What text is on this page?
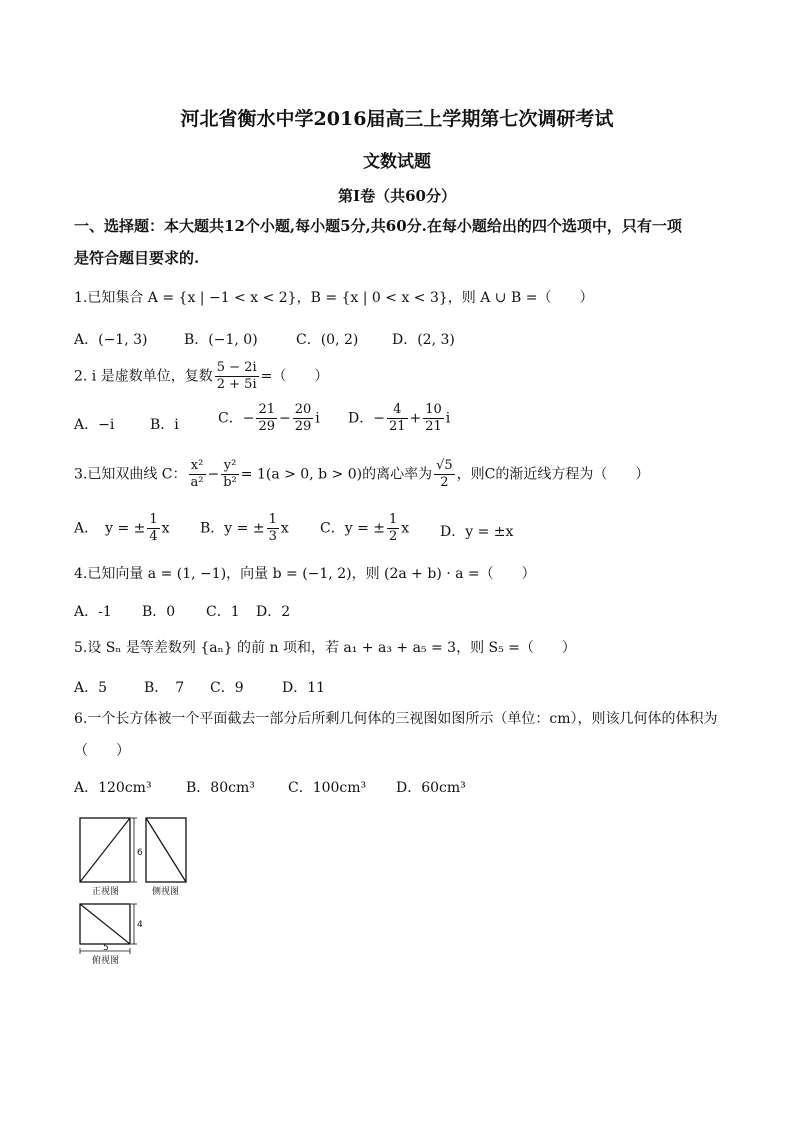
河北省衡水中学2016届高三上学期第七次调研考试
文数试题
第Ⅰ卷（共60分）
一、选择题：本大题共12个小题,每小题5分,共60分.在每小题给出的四个选项中，只有一项
是符合题目要求的.
1.已知集合 A = {x | −1 < x < 2}，B = {x | 0 < x < 3}，则 A ∪ B =（　　）
A．(−1, 3)	B．(−1, 0)	C．(0, 2) D．(2, 3)
2. i 是虚数单位，复数 $\frac{5 - 2i}{2 + 5i}$ =（　　）
A．−i	B．i	C．− $\frac{21}{29} - \frac{20}{29}$ i D．− $\frac{4}{21} + \frac{10}{21}$ i
3.已知双曲线 C： $\frac{\text{x²}}{\text{a²}} - \frac{\text{y²}}{\text{b²}} = 1(a > 0$, b > 0)的离心率为 $\frac{√5}{2}$ ，则C的渐近线方程为（　　）
A．　y = ± $\frac{1}{4}$ x B．y = ± $\frac{1}{3}$ x C．y = ± $\frac{1}{2}$ x D．y = ±x
4.已知向量 a = (1, −1)，向量 b = (−1, 2)，则 (2a + b) · a =（　　）
A．-1 B．0 C．1 D．2
5.设 Sₙ 是等差数列 {aₙ} 的前 n 项和，若 a₁ + a₃ + a₅ = 3，则 S₅ =（　　）
A．5	B．　7 C．9	D．11
6.一个长方体被一个平面截去一部分后所剩几何体的三视图如图所示（单位：cm），则该几何体的体积为
（　　）
A．120cm³ B．80cm³ C．100cm³ D．60cm³
6
正视图	侧视图
4
5
俯视图
